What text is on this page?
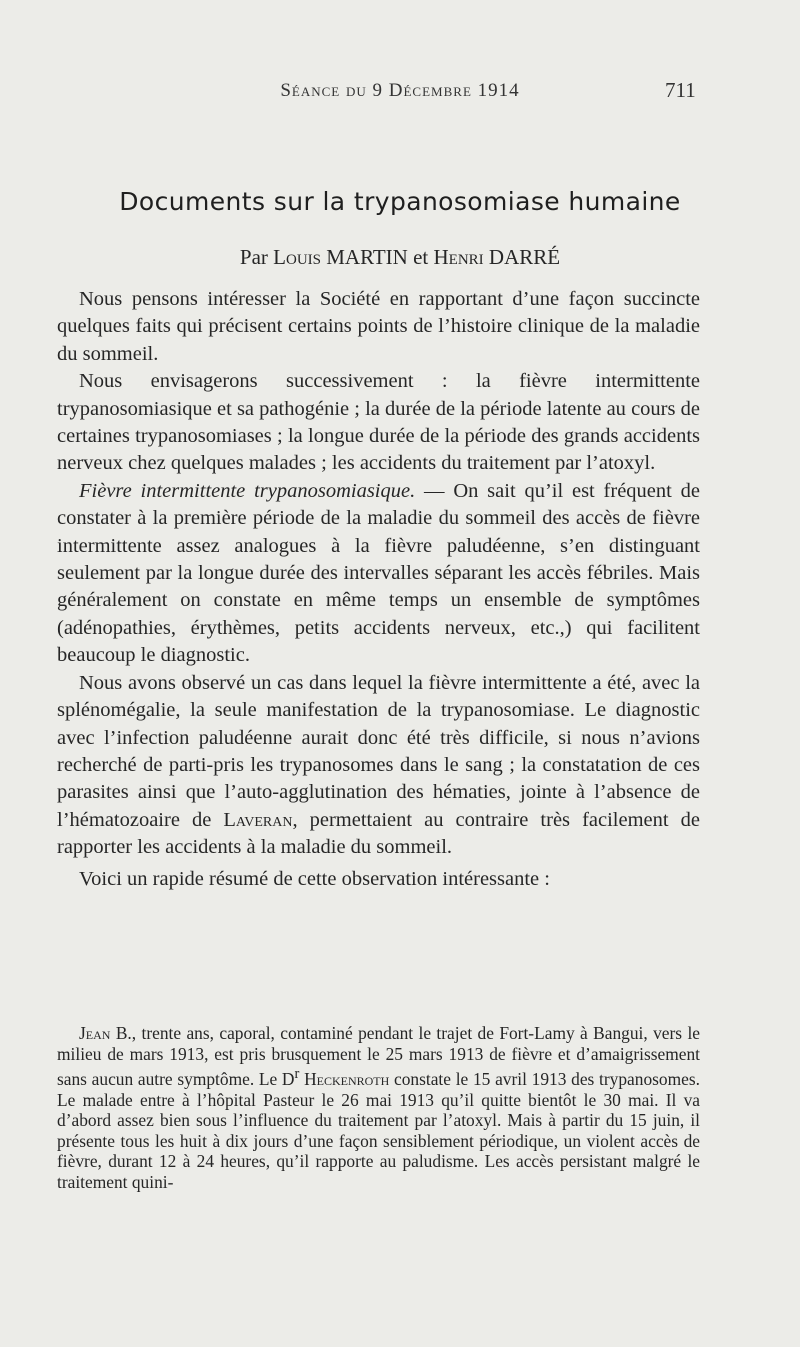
Séance du 9 Décembre 1914	711
Documents sur la trypanosomiase humaine
Par Louis MARTIN et Henri DARRÉ

Nous pensons intéresser la Société en rapportant d’une façon succincte quelques faits qui précisent certains points de l’histoire clinique de la maladie du sommeil.

Nous envisagerons successivement : la fièvre intermittente trypanosomiasique et sa pathogénie ; la durée de la période latente au cours de certaines trypanosomiases ; la longue durée de la période des grands accidents nerveux chez quelques malades ; les accidents du traitement par l’atoxyl.

Fièvre intermittente trypanosomiasique. — On sait qu’il est fréquent de constater à la première période de la maladie du sommeil des accès de fièvre intermittente assez analogues à la fièvre paludéenne, s’en distinguant seulement par la longue durée des intervalles séparant les accès fébriles. Mais généralement on constate en même temps un ensemble de symptômes (adénopathies, érythèmes, petits accidents nerveux, etc.,) qui facilitent beaucoup le diagnostic.

Nous avons observé un cas dans lequel la fièvre intermittente a été, avec la splénomégalie, la seule manifestation de la trypanosomiase. Le diagnostic avec l’infection paludéenne aurait donc été très difficile, si nous n’avions recherché de parti-pris les trypanosomes dans le sang ; la constatation de ces parasites ainsi que l’auto-agglutination des hématies, jointe à l’absence de l’hématozoaire de Laveran, permettaient au contraire très facilement de rapporter les accidents à la maladie du sommeil.

Voici un rapide résumé de cette observation intéressante :

Jean B., trente ans, caporal, contaminé pendant le trajet de Fort-Lamy à Bangui, vers le milieu de mars 1913, est pris brusquement le 25 mars 1913 de fièvre et d’amaigrissement sans aucun autre symptôme. Le $D^r$ Heckenroth constate le 15 avril 1913 des trypanosomes. Le malade entre à l’hôpital Pasteur le 26 mai 1913 qu’il quitte bientôt le 30 mai. Il va d’abord assez bien sous l’influence du traitement par l’atoxyl. Mais à partir du 15 juin, il présente tous les huit à dix jours d’une façon sensiblement périodique, un violent accès de fièvre, durant 12 à 24 heures, qu’il rapporte au paludisme. Les accès persistant malgré le traitement quini-
